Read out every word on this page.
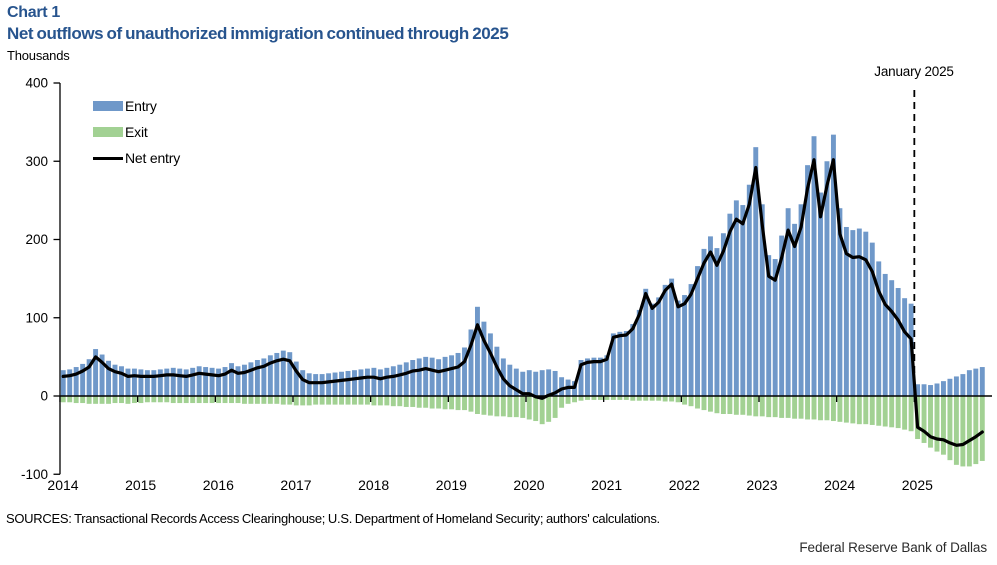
Chart 1
Net outflows of unauthorized immigration continued through 2025
Thousands
-100
0
100
200
300
400
2014	2015	2016	2017	2018	2019	2020	2021	2022	2023	2024	2025
Entry
Exit
Net entry
January 2025
SOURCES: Transactional Records Access Clearinghouse; U.S. Department of Homeland Security; authors' calculations.
Federal Reserve Bank of Dallas
